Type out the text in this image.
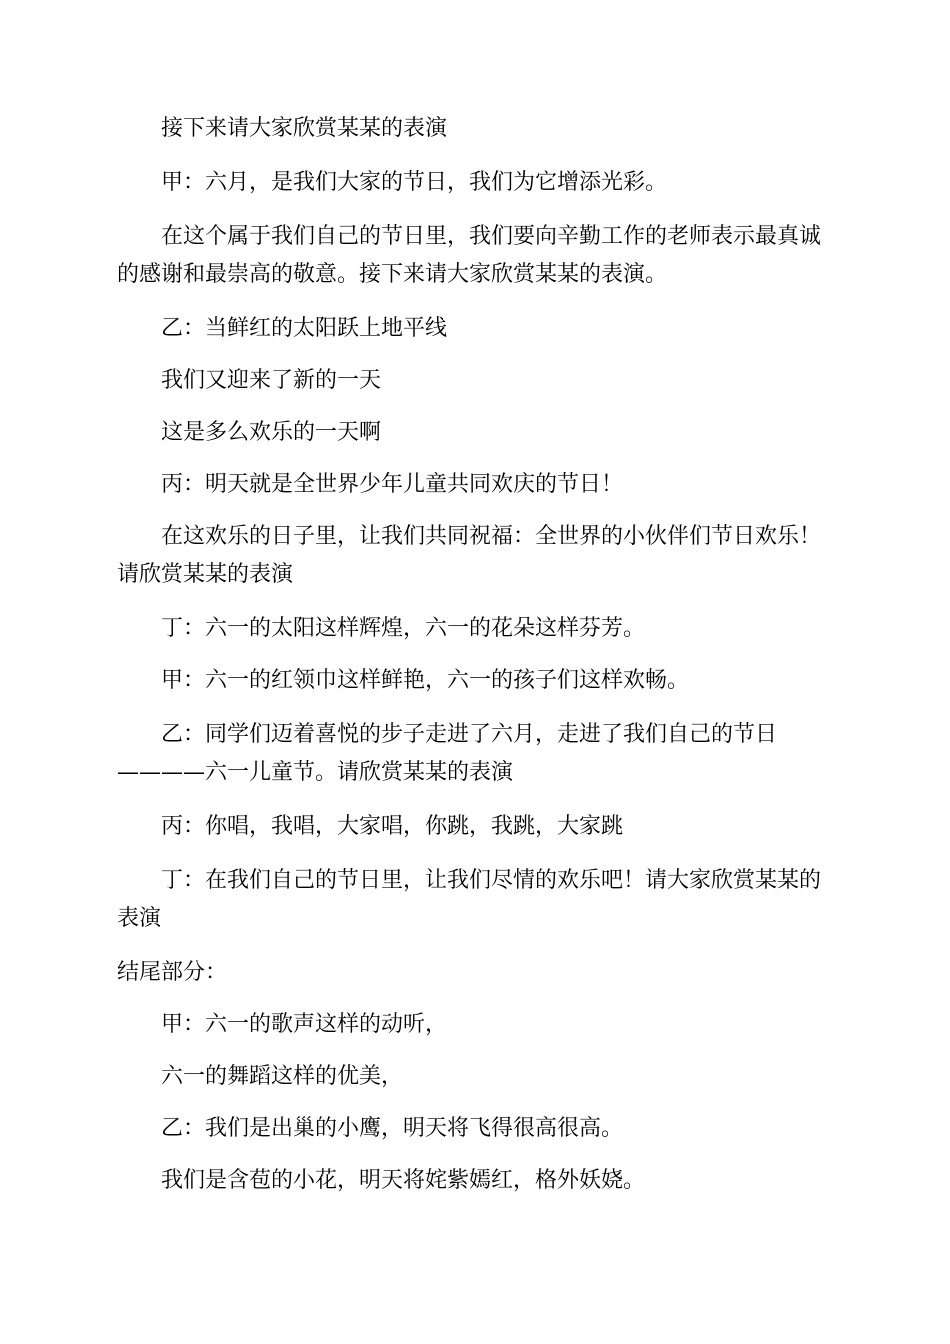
接下来请大家欣赏某某的表演

甲：六月，是我们大家的节日，我们为它增添光彩。

在这个属于我们自己的节日里，我们要向辛勤工作的老师表示最真诚
的感谢和最崇高的敬意。接下来请大家欣赏某某的表演。

乙：当鲜红的太阳跃上地平线

我们又迎来了新的一天

这是多么欢乐的一天啊

丙：明天就是全世界少年儿童共同欢庆的节日！

在这欢乐的日子里，让我们共同祝福：全世界的小伙伴们节日欢乐！
请欣赏某某的表演

丁：六一的太阳这样辉煌，六一的花朵这样芬芳。

甲：六一的红领巾这样鲜艳，六一的孩子们这样欢畅。

乙：同学们迈着喜悦的步子走进了六月，走进了我们自己的节日
————六一儿童节。请欣赏某某的表演

丙：你唱，我唱，大家唱，你跳，我跳，大家跳

丁：在我们自己的节日里，让我们尽情的欢乐吧！请大家欣赏某某的
表演

结尾部分：

甲：六一的歌声这样的动听，

六一的舞蹈这样的优美，

乙：我们是出巢的小鹰，明天将飞得很高很高。

我们是含苞的小花，明天将姹紫嫣红，格外妖娆。
